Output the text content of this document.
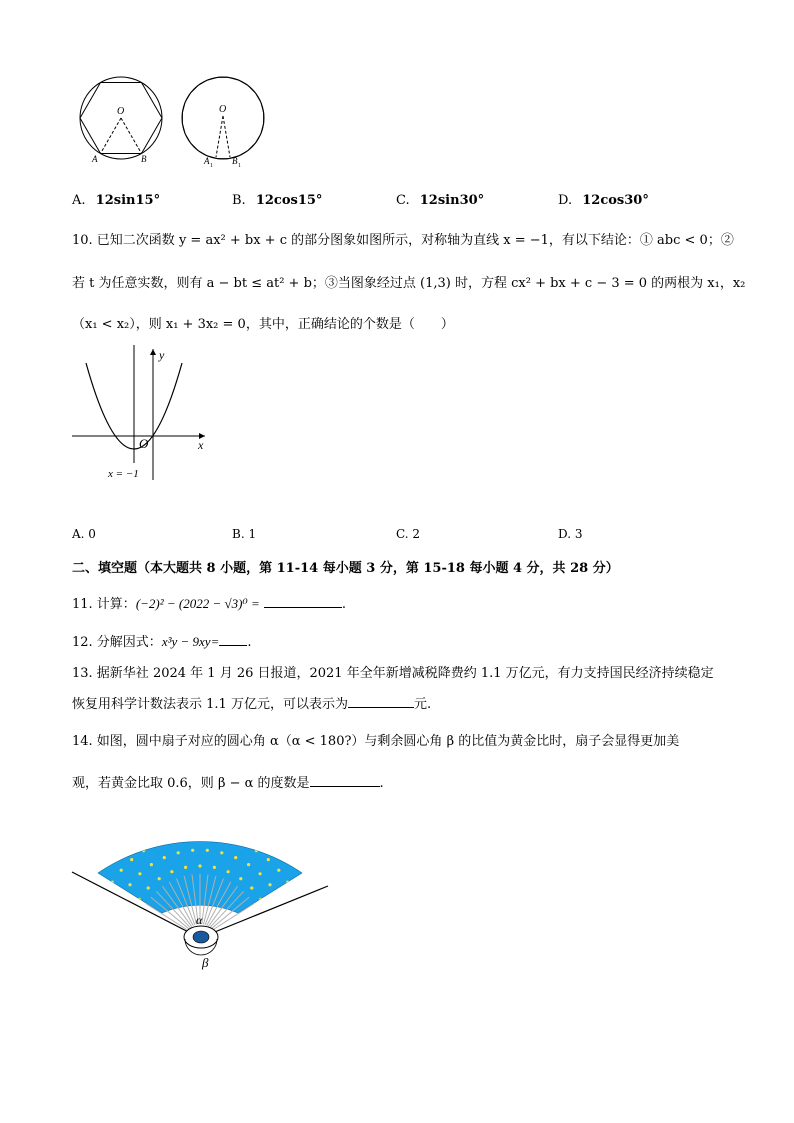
O
A	B
O
A 1 B 1
A. 12sin15°	B. 12cos15°	C. 12sin30°	D. 12cos30°
10. 已知二次函数 y = ax² + bx + c 的部分图象如图所示，对称轴为直线 x = −1，有以下结论：① abc < 0；②
若 t 为任意实数，则有 a − bt ≤ at² + b；③当图象经过点 (1,3) 时，方程 cx² + bx + c − 3 = 0 的两根为 x₁，x₂
（x₁ < x₂），则 x₁ + 3x₂ = 0，其中，正确结论的个数是（　　）
y
x
O
x = −1
A. 0	B. 1	C. 2	D. 3
二、填空题（本大题共 8 小题，第 11-14 每小题 3 分，第 15-18 每小题 4 分，共 28 分）
11. 计算：(−2)² − (2022 − √3)⁰ =	.
12. 分解因式：x³y − 9xy= .
13. 据新华社 2024 年 1 月 26 日报道，2021 年全年新增减税降费约 1.1 万亿元，有力支持国民经济持续稳定
恢复用科学计数法表示 1.1 万亿元，可以表示为	元.
14. 如图，圆中扇子对应的圆心角 α（α < 180?）与剩余圆心角 β 的比值为黄金比时，扇子会显得更加美
观，若黄金比取 0.6，则 β − α 的度数是	.
α
β
